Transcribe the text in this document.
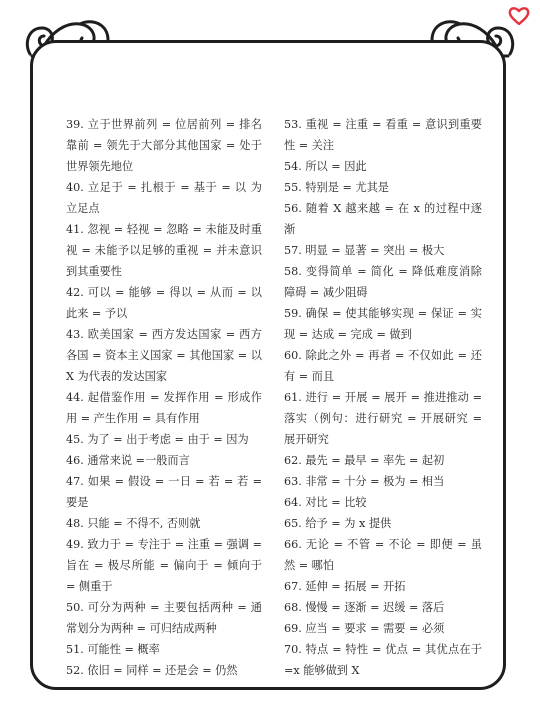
39. 立于世界前列 = 位居前列 = 排名靠前 = 领先于大部分其他国家 = 处于世界领先地位

40. 立足于 = 扎根于 = 基于 = 以 为立足点

41. 忽视 = 轻视 = 忽略 = 未能及时重视 = 未能予以足够的重视 = 并未意识到其重要性

42. 可以 = 能够 = 得以 = 从而 = 以此来 = 予以

43. 欧美国家 = 西方发达国家 = 西方各国 = 资本主义国家 = 其他国家 = 以 X 为代表的发达国家

44. 起借鉴作用 = 发挥作用 = 形成作用 = 产生作用 = 具有作用

45. 为了 = 出于考虑 = 由于 = 因为

46. 通常来说 =一般而言

47. 如果 = 假设 = 一日 = 若 = 若 = 要是

48. 只能 = 不得不, 否则就

49. 致力于 = 专注于 = 注重 = 强调 = 旨在 = 极尽所能 = 偏向于 = 倾向于 = 侧重于

50. 可分为两种 = 主要包括两种 = 通常划分为两种 = 可归结成两种

51. 可能性 = 概率

52. 依旧 = 同样 = 还是会 = 仍然

53. 重视 = 注重 = 看重 = 意识到重要性 = 关注

54. 所以 = 因此

55. 特别是 = 尤其是

56. 随着 X 越来越 = 在 x 的过程中逐渐

57. 明显 = 显著 = 突出 = 极大

58. 变得简单 = 简化 = 降低难度消除障碍 = 减少阻碍

59. 确保 = 使其能够实现 = 保证 = 实现 = 达成 = 完成 = 做到

60. 除此之外 = 再者 = 不仅如此 = 还有 = 而且

61. 进行 = 开展 = 展开 = 推进推动 = 落实（例句：进行研究 = 开展研究 = 展开研究

62. 最先 = 最早 = 率先 = 起初

63. 非常 = 十分 = 极为 = 相当

64. 对比 = 比较

65. 给予 = 为 x 提供

66. 无论 = 不管 = 不论 = 即便 = 虽然 = 哪怕

67. 延伸 = 拓展 = 开拓

68. 慢慢 = 逐渐 = 迟缓 = 落后

69. 应当 = 要求 = 需要 = 必须

70. 特点 = 特性 = 优点 = 其优点在于 =x 能够做到 X
